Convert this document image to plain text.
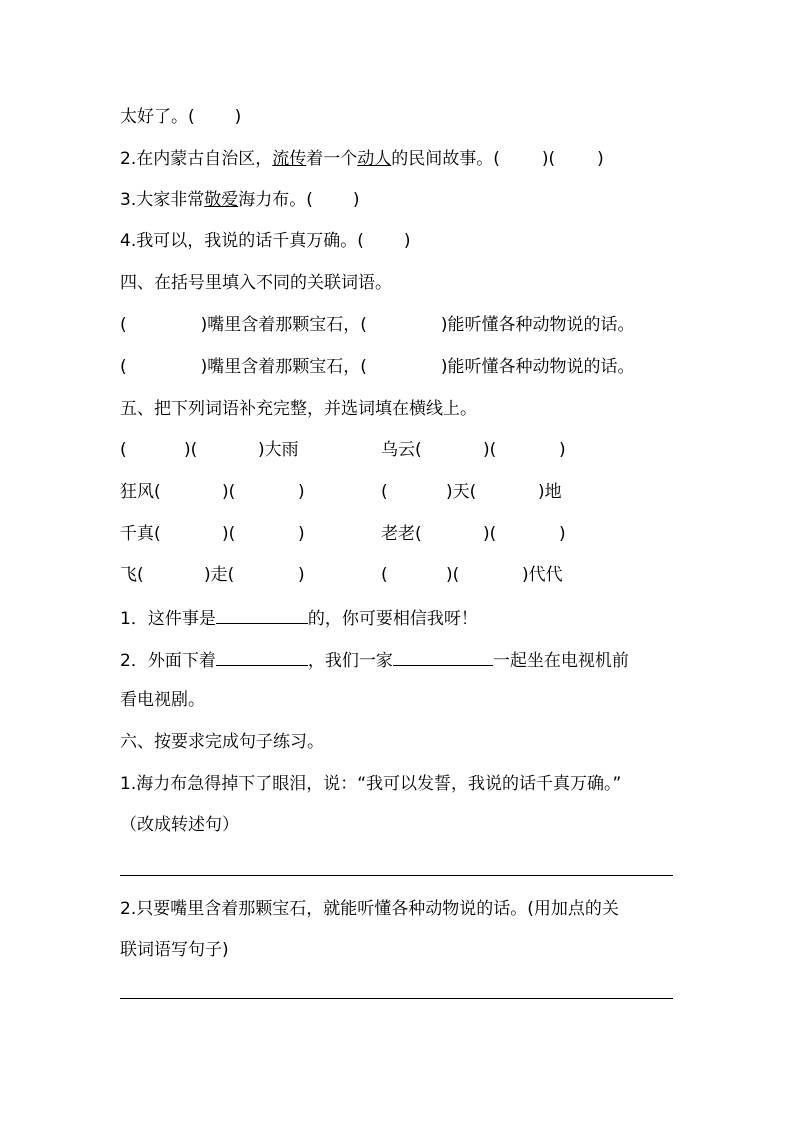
太好了。( )
2.在内蒙古自治区，流传着一个动人的民间故事。( )( )
3.大家非常敬爱海力布。( )
4.我可以，我说的话千真万确。( )
四、在括号里填入不同的关联词语。
(	)嘴里含着那颗宝石，(	)能听懂各种动物说的话。
(	)嘴里含着那颗宝石，(	)能听懂各种动物说的话。
五、把下列词语补充完整，并选词填在横线上。
(	)(	)大雨	乌云(	)(	)
狂风(	)(	)	(	)天(	)地
千真(	)(	)	老老(	)(	)
飞(	)走(	)	(	)(	)代代
1．这件事是	的，你可要相信我呀！
2．外面下着	，我们一家	一起坐在电视机前
看电视剧。
六、按要求完成句子练习。
1.海力布急得掉下了眼泪，说：“我可以发誓，我说的话千真万确。”
（改成转述句）
2.只要嘴里含着那颗宝石，就能听懂各种动物说的话。(用加点的关
联词语写句子)
